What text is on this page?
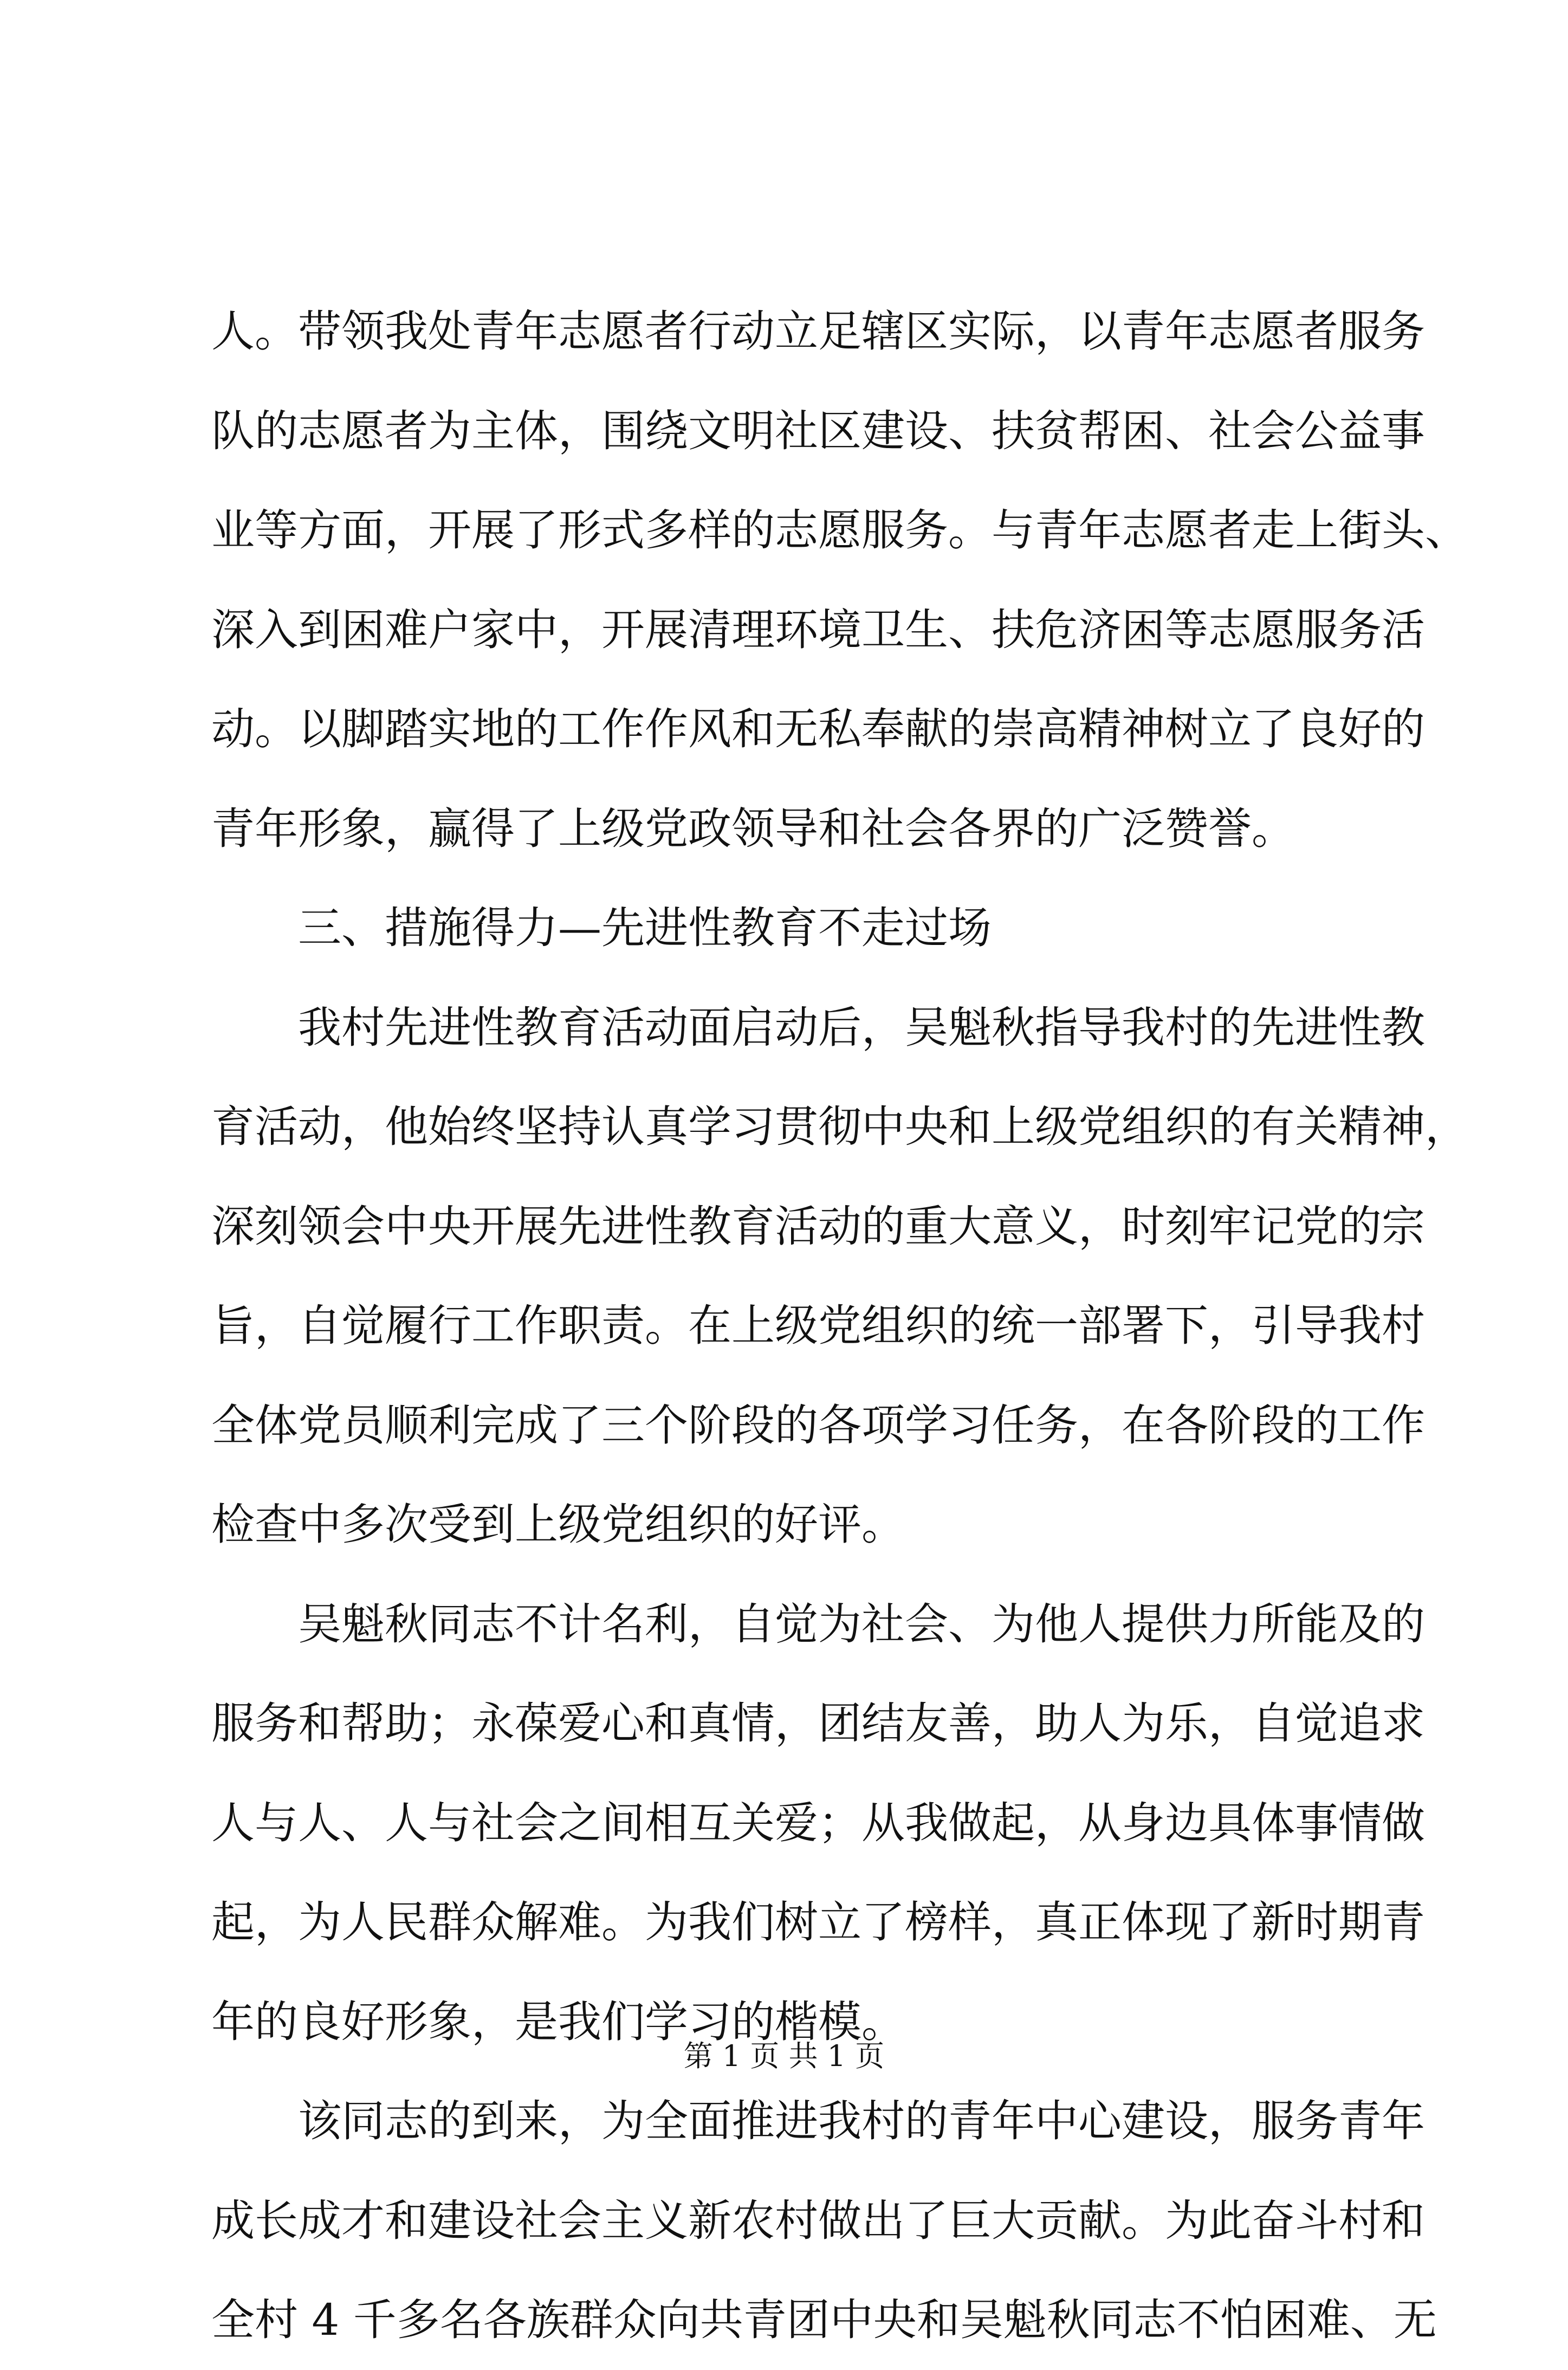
人。带领我处青年志愿者行动立足辖区实际，以青年志愿者服务
队的志愿者为主体，围绕文明社区建设、扶贫帮困、社会公益事
业等方面，开展了形式多样的志愿服务。与青年志愿者走上街头、
深入到困难户家中，开展清理环境卫生、扶危济困等志愿服务活
动。以脚踏实地的工作作风和无私奉献的崇高精神树立了良好的
青年形象，赢得了上级党政领导和社会各界的广泛赞誉。
三、措施得力—先进性教育不走过场
我村先进性教育活动面启动后，吴魁秋指导我村的先进性教
育活动，他始终坚持认真学习贯彻中央和上级党组织的有关精神，
深刻领会中央开展先进性教育活动的重大意义，时刻牢记党的宗
旨，自觉履行工作职责。在上级党组织的统一部署下，引导我村
全体党员顺利完成了三个阶段的各项学习任务，在各阶段的工作
检查中多次受到上级党组织的好评。
吴魁秋同志不计名利，自觉为社会、为他人提供力所能及的
服务和帮助；永葆爱心和真情，团结友善，助人为乐，自觉追求
人与人、人与社会之间相互关爱；从我做起，从身边具体事情做
起，为人民群众解难。为我们树立了榜样，真正体现了新时期青
年的良好形象，是我们学习的楷模。
该同志的到来，为全面推进我村的青年中心建设，服务青年
成长成才和建设社会主义新农村做出了巨大贡献。为此奋斗村和
全村 4 千多名各族群众向共青团中央和吴魁秋同志不怕困难、无
第 1 页 共 1 页
